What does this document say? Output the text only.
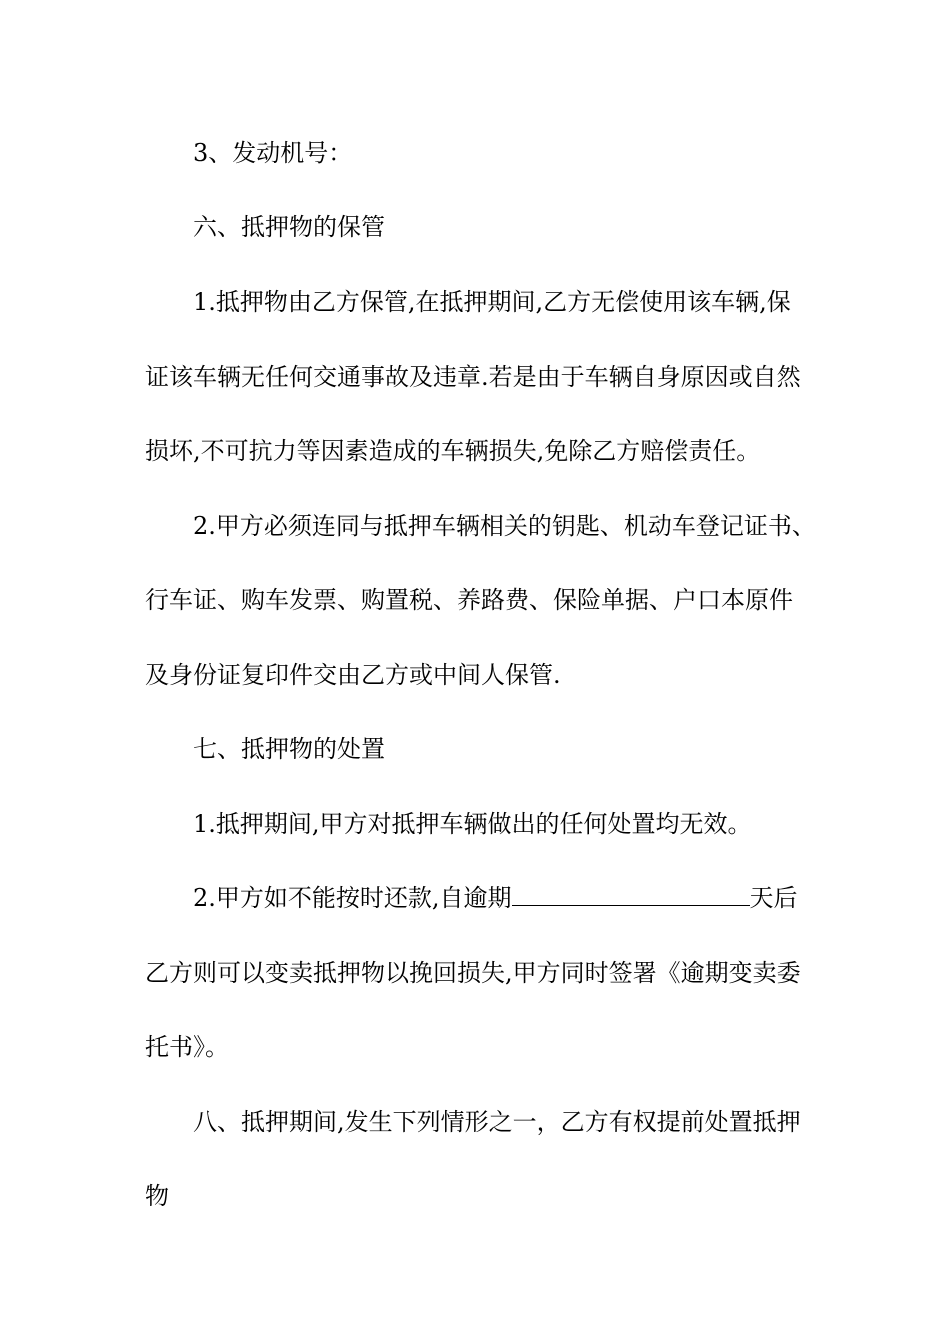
3、发动机号：
六、抵押物的保管
1.抵押物由乙方保管,在抵押期间,乙方无偿使用该车辆,保
证该车辆无任何交通事故及违章.若是由于车辆自身原因或自然
损坏,不可抗力等因素造成的车辆损失,免除乙方赔偿责任。
2.甲方必须连同与抵押车辆相关的钥匙、机动车登记证书、
行车证、购车发票、购置税、养路费、保险单据、户口本原件
及身份证复印件交由乙方或中间人保管.
七、抵押物的处置
1.抵押期间,甲方对抵押车辆做出的任何处置均无效。
2.甲方如不能按时还款,自逾期	天后
乙方则可以变卖抵押物以挽回损失,甲方同时签署《逾期变卖委
托书》。
八、抵押期间,发生下列情形之一，乙方有权提前处置抵押
物
